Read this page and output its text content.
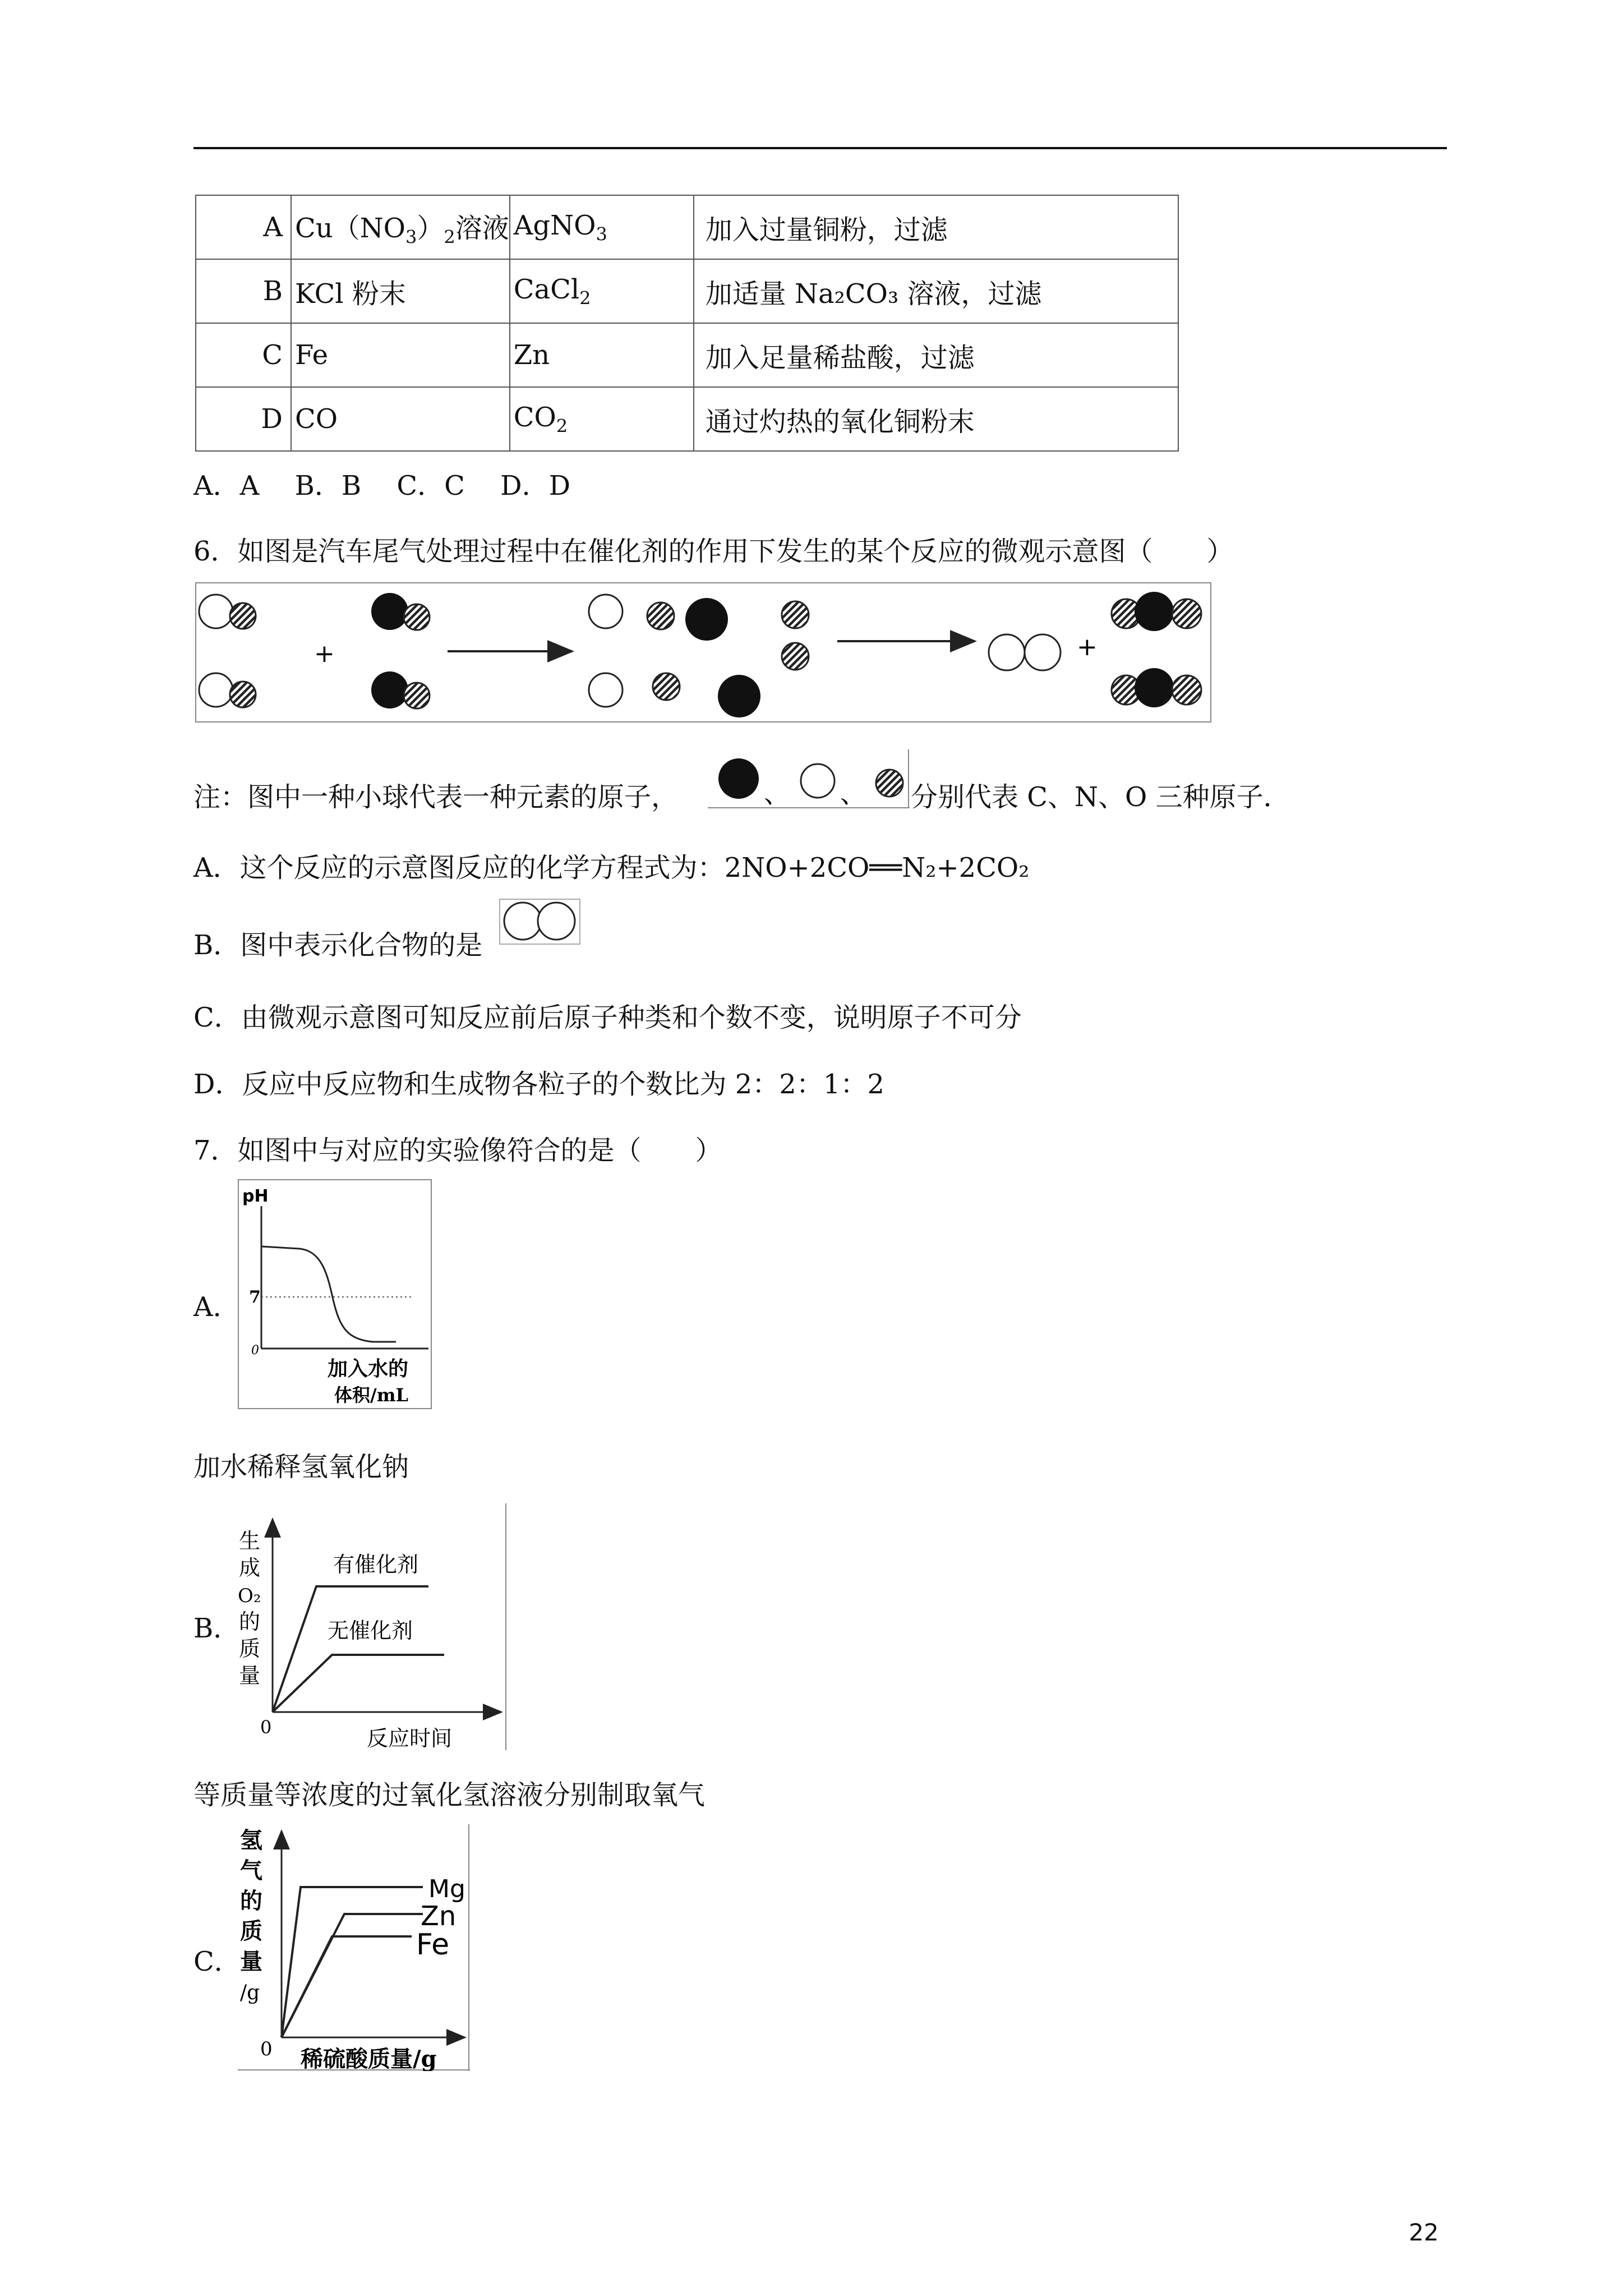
A	$Cu(NO_3)_2$溶液	AgNO$_3$	加入过量铜粉，过滤
B	KCl 粉末	CaCl$_2$	加适量 Na₂CO₃ 溶液，过滤
C	Fe	Zn	加入足量稀盐酸，过滤
D	CO	$CO_2$	通过灼热的氧化铜粉末
A．A　 B．B　 C．C　 D．D
6．如图是汽车尾气处理过程中在催化剂的作用下发生的某个反应的微观示意图（　　）
+	+
注：图中一种小球代表一种元素的原子，	、 、 分别代表 C、N、O 三种原子．
A．这个反应的示意图反应的化学方程式为：2NO+2CO══N₂+2CO₂
B．图中表示化合物的是
C．由微观示意图可知反应前后原子种类和个数不变，说明原子不可分
D．反应中反应物和生成物各粒子的个数比为 2：2：1：2
7．如图中与对应的实验像符合的是（　　）
A．
pH
7
0
加入水的
体积/mL
加水稀释氢氧化钠
B．
生
成
O₂
的
质
量
0	反应时间
有催化剂
无催化剂
等质量等浓度的过氧化氢溶液分别制取氧气
C．
氢
气
的
质
量
/g
0 稀硫酸质量/g
Mg
Zn
Fe
22
